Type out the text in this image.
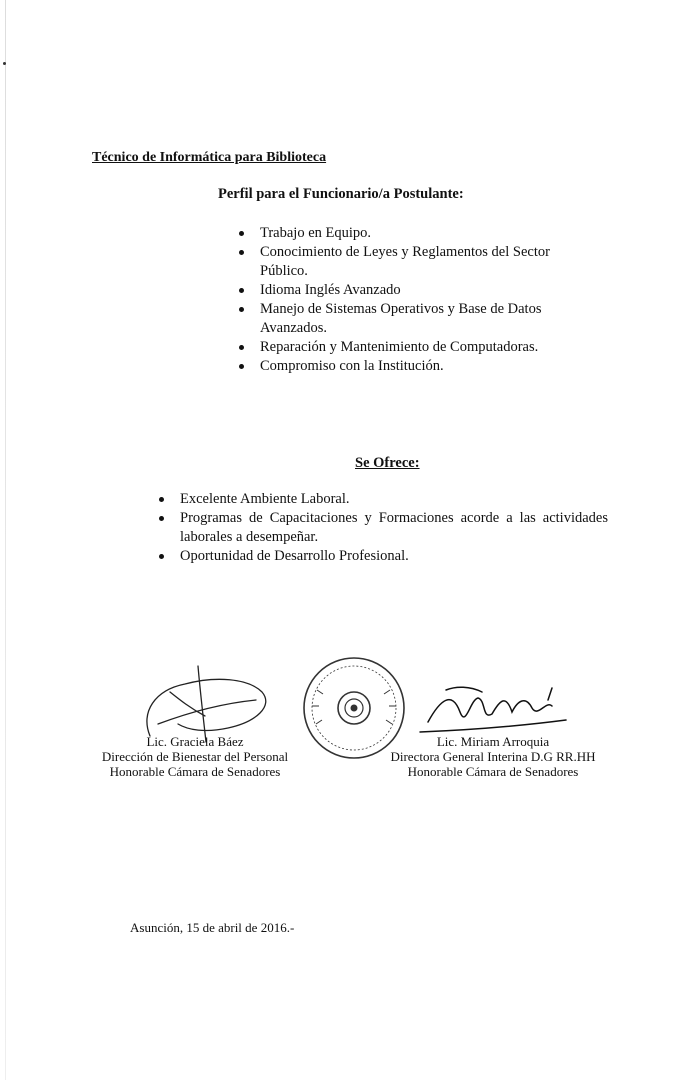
Técnico de Informática para Biblioteca
Perfil para el Funcionario/a Postulante:
Trabajo en Equipo.
Conocimiento de Leyes y Reglamentos del Sector Público.
Idioma Inglés Avanzado
Manejo de Sistemas Operativos y Base de Datos Avanzados.
Reparación y Mantenimiento de Computadoras.
Compromiso con la Institución.
Se Ofrece:
Excelente Ambiente Laboral.
Programas de Capacitaciones y Formaciones acorde a las actividades laborales a desempeñar.
Oportunidad de Desarrollo Profesional.
Lic. Graciela Báez
Dirección de Bienestar del Personal
Honorable Cámara de Senadores
Lic. Miriam Arroquia
Directora General Interina D.G RR.HH
Honorable Cámara de Senadores
Asunción, 15 de abril de 2016.-
